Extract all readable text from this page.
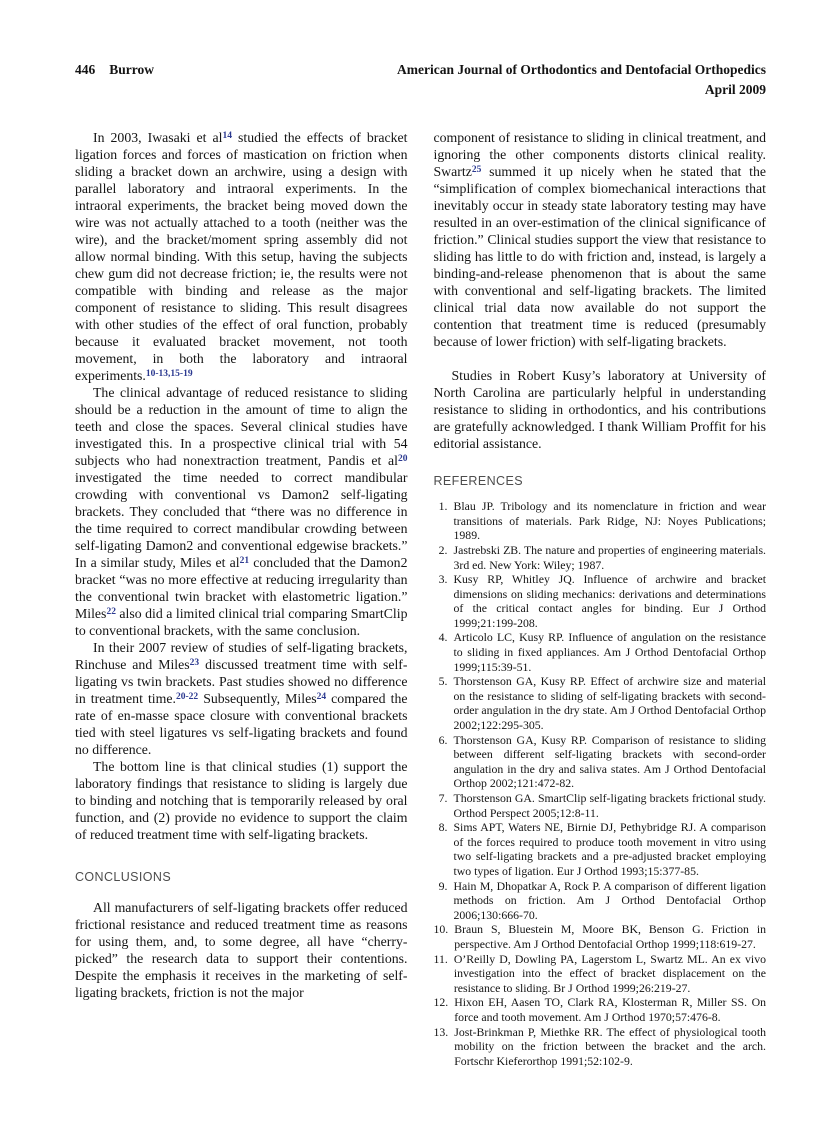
446 Burrow	American Journal of Orthodontics and Dentofacial Orthopedics
April 2009

In 2003, Iwasaki et al$^{14}$ studied the effects of bracket ligation forces and forces of mastication on friction when sliding a bracket down an archwire, using a design with parallel laboratory and intraoral experiments. In the intraoral experiments, the bracket being moved down the wire was not actually attached to a tooth (neither was the wire), and the bracket/moment spring assembly did not allow normal binding. With this setup, having the subjects chew gum did not decrease friction; ie, the results were not compatible with binding and release as the major component of resistance to sliding. This result disagrees with other studies of the effect of oral function, probably because it evaluated bracket movement, not tooth movement, in both the laboratory and intraoral experiments.$^{10-13,15-19}$

The clinical advantage of reduced resistance to sliding should be a reduction in the amount of time to align the teeth and close the spaces. Several clinical studies have investigated this. In a prospective clinical trial with 54 subjects who had nonextraction treatment, Pandis et al$^{20}$ investigated the time needed to correct mandibular crowding with conventional vs Damon2 self-ligating brackets. They concluded that “there was no difference in the time required to correct mandibular crowding between self-ligating Damon2 and conventional edgewise brackets.” In a similar study, Miles et al$^{21}$ concluded that the Damon2 bracket “was no more effective at reducing irregularity than the conventional twin bracket with elastometric ligation.” Miles$^{22}$ also did a limited clinical trial comparing SmartClip to conventional brackets, with the same conclusion.

In their 2007 review of studies of self-ligating brackets, Rinchuse and Miles$^{23}$ discussed treatment time with self-ligating vs twin brackets. Past studies showed no difference in treatment time.$^{20-22}$ Subsequently, Miles$^{24}$ compared the rate of en-masse space closure with conventional brackets tied with steel ligatures vs self-ligating brackets and found no difference.

The bottom line is that clinical studies (1) support the laboratory findings that resistance to sliding is largely due to binding and notching that is temporarily released by oral function, and (2) provide no evidence to support the claim of reduced treatment time with self-ligating brackets.

CONCLUSIONS

All manufacturers of self-ligating brackets offer reduced frictional resistance and reduced treatment time as reasons for using them, and, to some degree, all have “cherry-picked” the research data to support their contentions. Despite the emphasis it receives in the marketing of self-ligating brackets, friction is not the major

component of resistance to sliding in clinical treatment, and ignoring the other components distorts clinical reality. Swartz$^{25}$ summed it up nicely when he stated that the “simplification of complex biomechanical interactions that inevitably occur in steady state laboratory testing may have resulted in an over-estimation of the clinical significance of friction.” Clinical studies support the view that resistance to sliding has little to do with friction and, instead, is largely a binding-and-release phenomenon that is about the same with conventional and self-ligating brackets. The limited clinical trial data now available do not support the contention that treatment time is reduced (presumably because of lower friction) with self-ligating brackets.

Studies in Robert Kusy’s laboratory at University of North Carolina are particularly helpful in understanding resistance to sliding in orthodontics, and his contributions are gratefully acknowledged. I thank William Proffit for his editorial assistance.

REFERENCES
1. Blau JP. Tribology and its nomenclature in friction and wear transitions of materials. Park Ridge, NJ: Noyes Publications; 1989.
2. Jastrebski ZB. The nature and properties of engineering materials. 3rd ed. New York: Wiley; 1987.
3. Kusy RP, Whitley JQ. Influence of archwire and bracket dimensions on sliding mechanics: derivations and determinations of the critical contact angles for binding. Eur J Orthod 1999;21:199-208.
4. Articolo LC, Kusy RP. Influence of angulation on the resistance to sliding in fixed appliances. Am J Orthod Dentofacial Orthop 1999;115:39-51.
5. Thorstenson GA, Kusy RP. Effect of archwire size and material on the resistance to sliding of self-ligating brackets with second-order angulation in the dry state. Am J Orthod Dentofacial Orthop 2002;122:295-305.
6. Thorstenson GA, Kusy RP. Comparison of resistance to sliding between different self-ligating brackets with second-order angulation in the dry and saliva states. Am J Orthod Dentofacial Orthop 2002;121:472-82.
7. Thorstenson GA. SmartClip self-ligating brackets frictional study. Orthod Perspect 2005;12:8-11.
8. Sims APT, Waters NE, Birnie DJ, Pethybridge RJ. A comparison of the forces required to produce tooth movement in vitro using two self-ligating brackets and a pre-adjusted bracket employing two types of ligation. Eur J Orthod 1993;15:377-85.
9. Hain M, Dhopatkar A, Rock P. A comparison of different ligation methods on friction. Am J Orthod Dentofacial Orthop 2006;130:666-70.
10. Braun S, Bluestein M, Moore BK, Benson G. Friction in perspective. Am J Orthod Dentofacial Orthop 1999;118:619-27.
11. O’Reilly D, Dowling PA, Lagerstom L, Swartz ML. An ex vivo investigation into the effect of bracket displacement on the resistance to sliding. Br J Orthod 1999;26:219-27.
12. Hixon EH, Aasen TO, Clark RA, Klosterman R, Miller SS. On force and tooth movement. Am J Orthod 1970;57:476-8.
13. Jost-Brinkman P, Miethke RR. The effect of physiological tooth mobility on the friction between the bracket and the arch. Fortschr Kieferorthop 1991;52:102-9.
